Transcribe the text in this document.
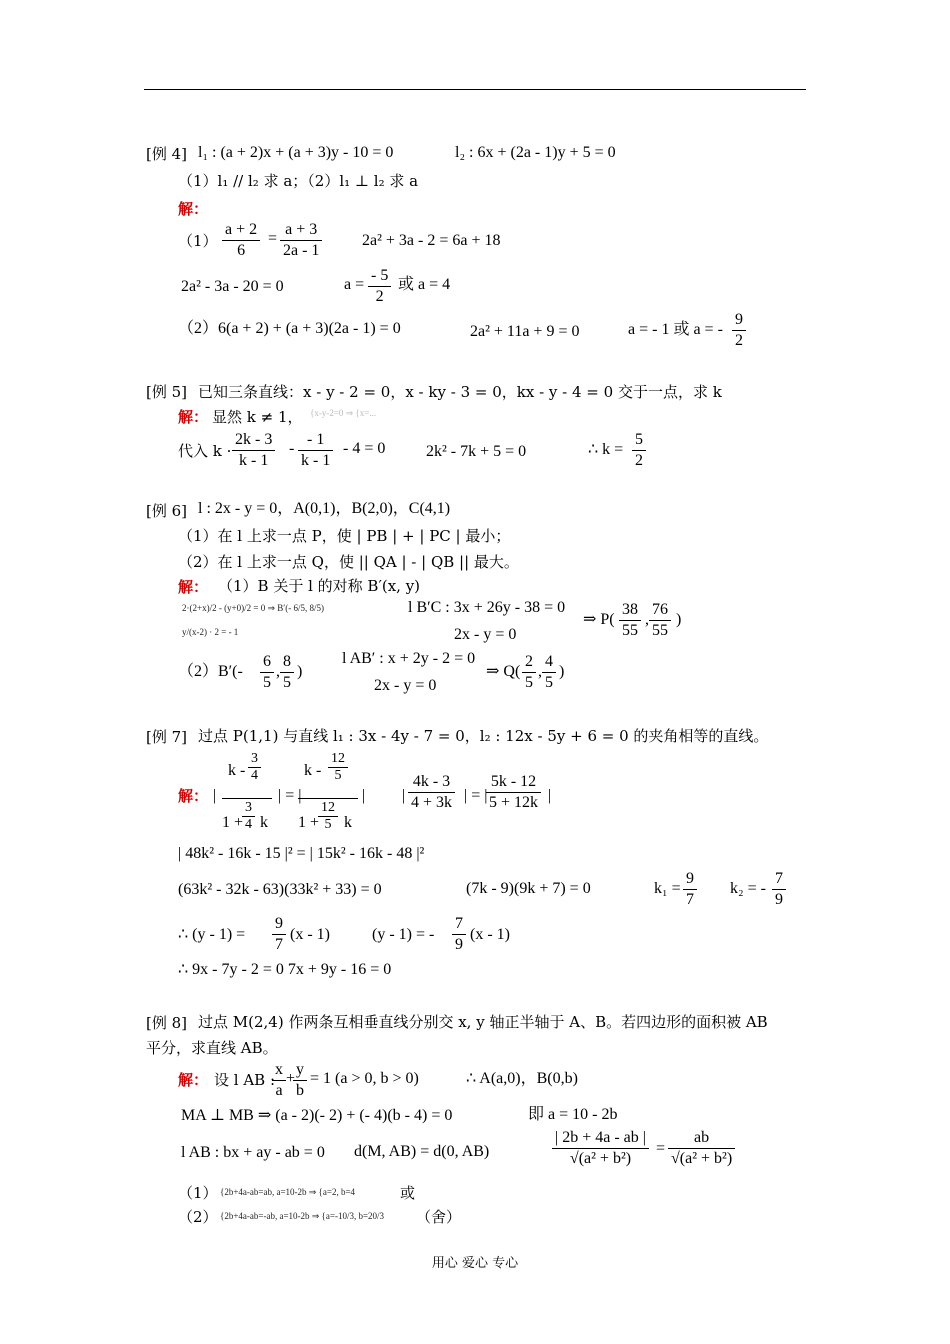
[例 4] l₁ : (a + 2)x + (a + 3)y - 10 = 0	l₂ : 6x + (2a - 1)y + 5 = 0
（1）l₁ // l₂ 求 a；（2）l₁ ⊥ l₂ 求 a
解：
$(1) \frac{a + 2}{6} = \frac{a + 3}{2a - 1} 2a^2 + 3a - 2 = 6a + 18$
2a² - 3a - 20 = 0	$a = \frac{- 5}{2}$ 或 a = 4
（2）6(a + 2) + (a + 3)(2a - 1) = 0	2a² + 11a + 9 = 0	a = - 1 或 a = - $\frac{9}{2}$
[例 5] 已知三条直线：x - y - 2 = 0，x - ky - 3 = 0，kx - y - 4 = 0 交于一点，求 k
解： 显然 k ≠ 1， {x-y-2=0 ⇒ {x=...
代入 $k \cdot \frac{2k - 3}{k - 1} - \frac{- 1}{k - 1} - 4 = 0$	2k² - 7k + 5 = 0	∴ $k = \frac{5}{2}$
[例 6] l : 2x - y = 0，A(0,1)，B(2,0)，C(4,1)
（1）在 l 上求一点 P，使 | PB | + | PC | 最小；
（2）在 l 上求一点 Q，使 || QA | - | QB || 最大。
解： （1）B 关于 l 的对称 B′(x, y)
2·(2+x)/2 - (y+0)/2 = 0 ⇒ B′(- 6/5, 8/5)
y/(x-2) · 2 = - 1
l B′C : 3x + 26y - 38 = 0
2x - y = 0
⇒ $P( \frac{38}{55}$ , $\frac{76}{55}$ )
$(2)B'(- \frac{6}{5}$ , $\frac{8}{5}$ )
l AB′ : x + 2y - 2 = 0
2x - y = 0
⇒ $Q( \frac{2}{5}$ , $\frac{4}{5}$ )
[例 7] 过点 P(1,1) 与直线 l₁ : 3x - 4y - 7 = 0，l₂ : 12x - 5y + 6 = 0 的夹角相等的直线。
解： |
k - $\frac{3}{4}$
1 +
$\frac{3}{4}$ k
| = |
k - $\frac{12}{5}$
1 +
$\frac{12}{5}$ k
| | $\frac{4k - 3}{4 + 3k}$ | = |
$\frac{5k - 12}{5 + 12k}$ |
| 48k² - 16k - 15 |² = | 15k² - 16k - 48 |²
(63k² - 32k - 63)(33k² + 33) = 0	(7k - 9)(9k + 7) = 0	$k_1 = \frac{9}{7} k_2$ = - $\frac{7}{9}$
∴ $(y - 1) = \frac{9}{7} (x - 1)$	(y - 1) = - $\frac{7}{9} (x - 1)$
∴ 9x - 7y - 2 = 0 7x + 9y - 16 = 0
[例 8] 过点 M(2,4) 作两条互相垂直线分别交 x, y 轴正半轴于 A、B。若四边形的面积被 AB
平分，求直线 AB。
解： 设 l AB :
$\frac{x}{a}$ +
$\frac{y}{b} = 1$ (a > 0, b > 0)	∴ A(a,0)，B(0,b)
MA ⊥ MB ⇒ (a - 2)(- 2) + (- 4)(b - 4) = 0	即 a = 10 - 2b
l AB : bx + ay - ab = 0 d(M, AB) = d(0, AB)	$\frac{| 2b + 4a - ab |}{\text{√(a² + b²)}} = \frac{ab}{\text{√(a² + b²)}}$
（1） {2b+4a-ab=ab, a=10-2b ⇒ {a=2, b=4	或
（2） {2b+4a-ab=-ab, a=10-2b ⇒ {a=-10/3, b=20/3 （舍）
用心 爱心 专心
